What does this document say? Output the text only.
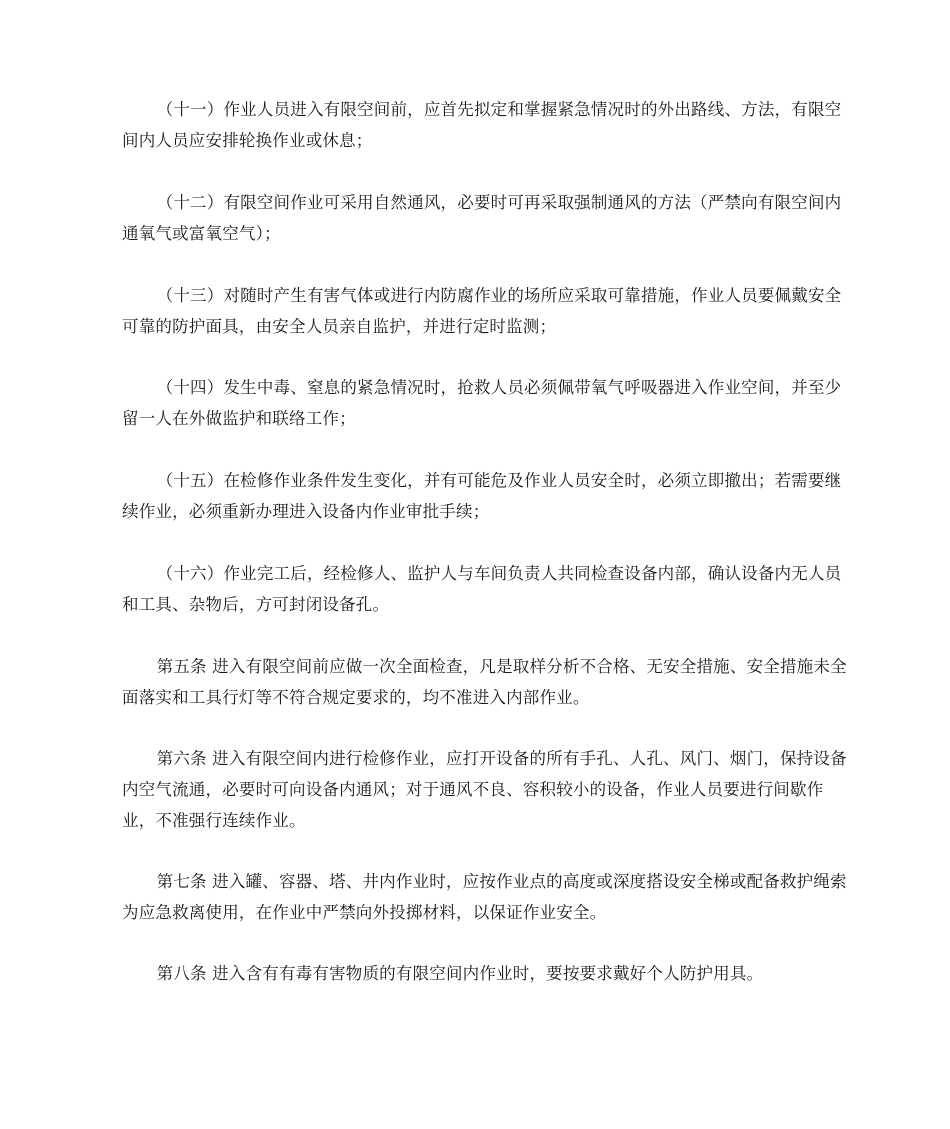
（十一）作业人员进入有限空间前，应首先拟定和掌握紧急情况时的外出路线、方法，有限空间内人员应安排轮换作业或休息；

（十二）有限空间作业可采用自然通风，必要时可再采取强制通风的方法（严禁向有限空间内通氧气或富氧空气）；

（十三）对随时产生有害气体或进行内防腐作业的场所应采取可靠措施，作业人员要佩戴安全可靠的防护面具，由安全人员亲自监护，并进行定时监测；

（十四）发生中毒、窒息的紧急情况时，抢救人员必须佩带氧气呼吸器进入作业空间，并至少留一人在外做监护和联络工作；

（十五）在检修作业条件发生变化，并有可能危及作业人员安全时，必须立即撤出；若需要继续作业，必须重新办理进入设备内作业审批手续；

（十六）作业完工后，经检修人、监护人与车间负责人共同检查设备内部，确认设备内无人员和工具、杂物后，方可封闭设备孔。

第五条 进入有限空间前应做一次全面检查，凡是取样分析不合格、无安全措施、安全措施未全面落实和工具行灯等不符合规定要求的，均不准进入内部作业。

第六条 进入有限空间内进行检修作业，应打开设备的所有手孔、人孔、风门、烟门，保持设备内空气流通，必要时可向设备内通风；对于通风不良、容积较小的设备，作业人员要进行间歇作业，不准强行连续作业。

第七条 进入罐、容器、塔、井内作业时，应按作业点的高度或深度搭设安全梯或配备救护绳索为应急救离使用，在作业中严禁向外投掷材料，以保证作业安全。

第八条 进入含有有毒有害物质的有限空间内作业时，要按要求戴好个人防护用具。
